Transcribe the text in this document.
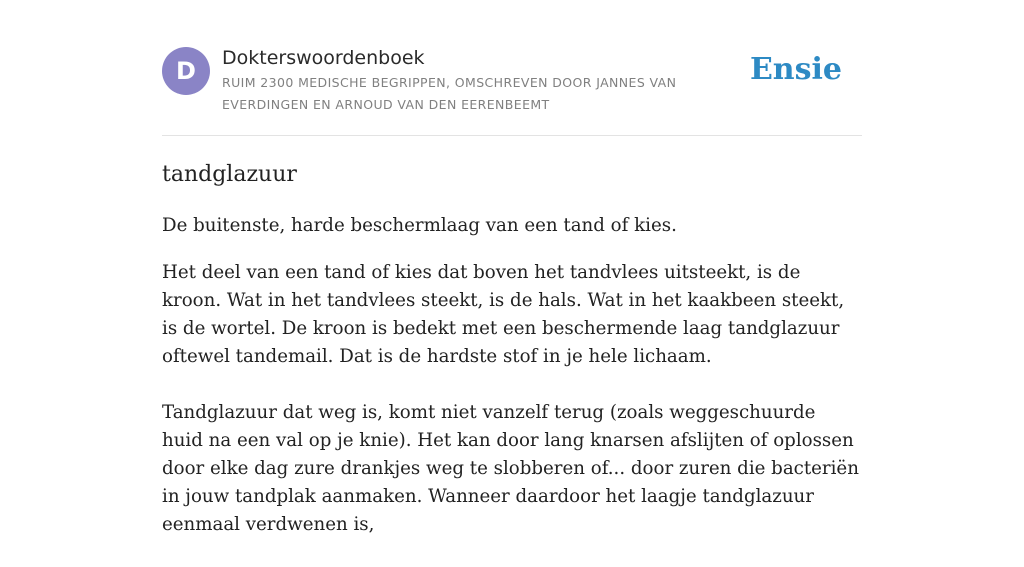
D	Dokterswoordenboek
RUIM 2300 MEDISCHE BEGRIPPEN, OMSCHREVEN DOOR JANNES VAN EVERDINGEN EN ARNOUD VAN DEN EERENBEEMT
Ensie
tandglazuur

De buitenste, harde beschermlaag van een tand of kies.

Het deel van een tand of kies dat boven het tandvlees uitsteekt, is de kroon. Wat in het tandvlees steekt, is de hals. Wat in het kaakbeen steekt, is de wortel. De kroon is bedekt met een beschermende laag tandglazuur oftewel tandemail. Dat is de hardste stof in je hele lichaam.

Tandglazuur dat weg is, komt niet vanzelf terug (zoals weggeschuurde huid na een val op je knie). Het kan door lang knarsen afslijten of oplossen door elke dag zure drankjes weg te slobberen of... door zuren die bacteriën in jouw tandplak aanmaken. Wanneer daardoor het laagje tandglazuur eenmaal verdwenen is,
